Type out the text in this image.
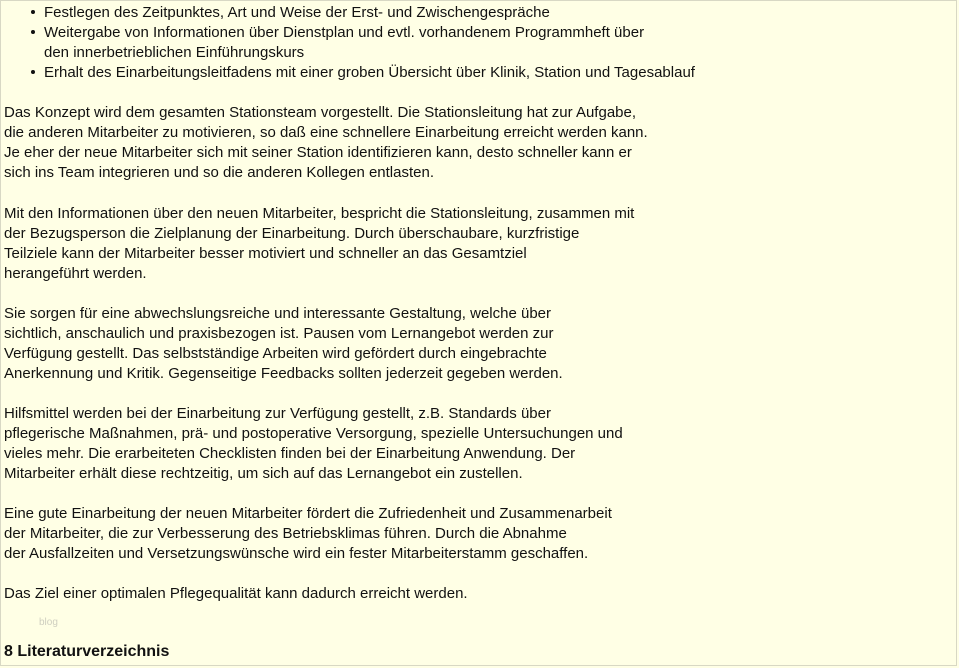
Festlegen des Zeitpunktes, Art und Weise der Erst- und Zwischengespräche
Weitergabe von Informationen über Dienstplan und evtl. vorhandenem Programmheft über
den innerbetrieblichen Einführungskurs
Erhalt des Einarbeitungsleitfadens mit einer groben Übersicht über Klinik, Station und Tagesablauf

Das Konzept wird dem gesamten Stationsteam vorgestellt. Die Stationsleitung hat zur Aufgabe,
die anderen Mitarbeiter zu motivieren, so daß eine schnellere Einarbeitung erreicht werden kann.
Je eher der neue Mitarbeiter sich mit seiner Station identifizieren kann, desto schneller kann er
sich ins Team integrieren und so die anderen Kollegen entlasten.

Mit den Informationen über den neuen Mitarbeiter, bespricht die Stationsleitung, zusammen mit
der Bezugsperson die Zielplanung der Einarbeitung. Durch überschaubare, kurzfristige
Teilziele kann der Mitarbeiter besser motiviert und schneller an das Gesamtziel
herangeführt werden.

Sie sorgen für eine abwechslungsreiche und interessante Gestaltung, welche über
sichtlich, anschaulich und praxisbezogen ist. Pausen vom Lernangebot werden zur
Verfügung gestellt. Das selbstständige Arbeiten wird gefördert durch eingebrachte
Anerkennung und Kritik. Gegenseitige Feedbacks sollten jederzeit gegeben werden.

Hilfsmittel werden bei der Einarbeitung zur Verfügung gestellt, z.B. Standards über
pflegerische Maßnahmen, prä- und postoperative Versorgung, spezielle Untersuchungen und
vieles mehr. Die erarbeiteten Checklisten finden bei der Einarbeitung Anwendung. Der
Mitarbeiter erhält diese rechtzeitig, um sich auf das Lernangebot ein zustellen.

Eine gute Einarbeitung der neuen Mitarbeiter fördert die Zufriedenheit und Zusammenarbeit
der Mitarbeiter, die zur Verbesserung des Betriebsklimas führen. Durch die Abnahme
der Ausfallzeiten und Versetzungswünsche wird ein fester Mitarbeiterstamm geschaffen.

Das Ziel einer optimalen Pflegequalität kann dadurch erreicht werden.

blog
8 Literaturverzeichnis
